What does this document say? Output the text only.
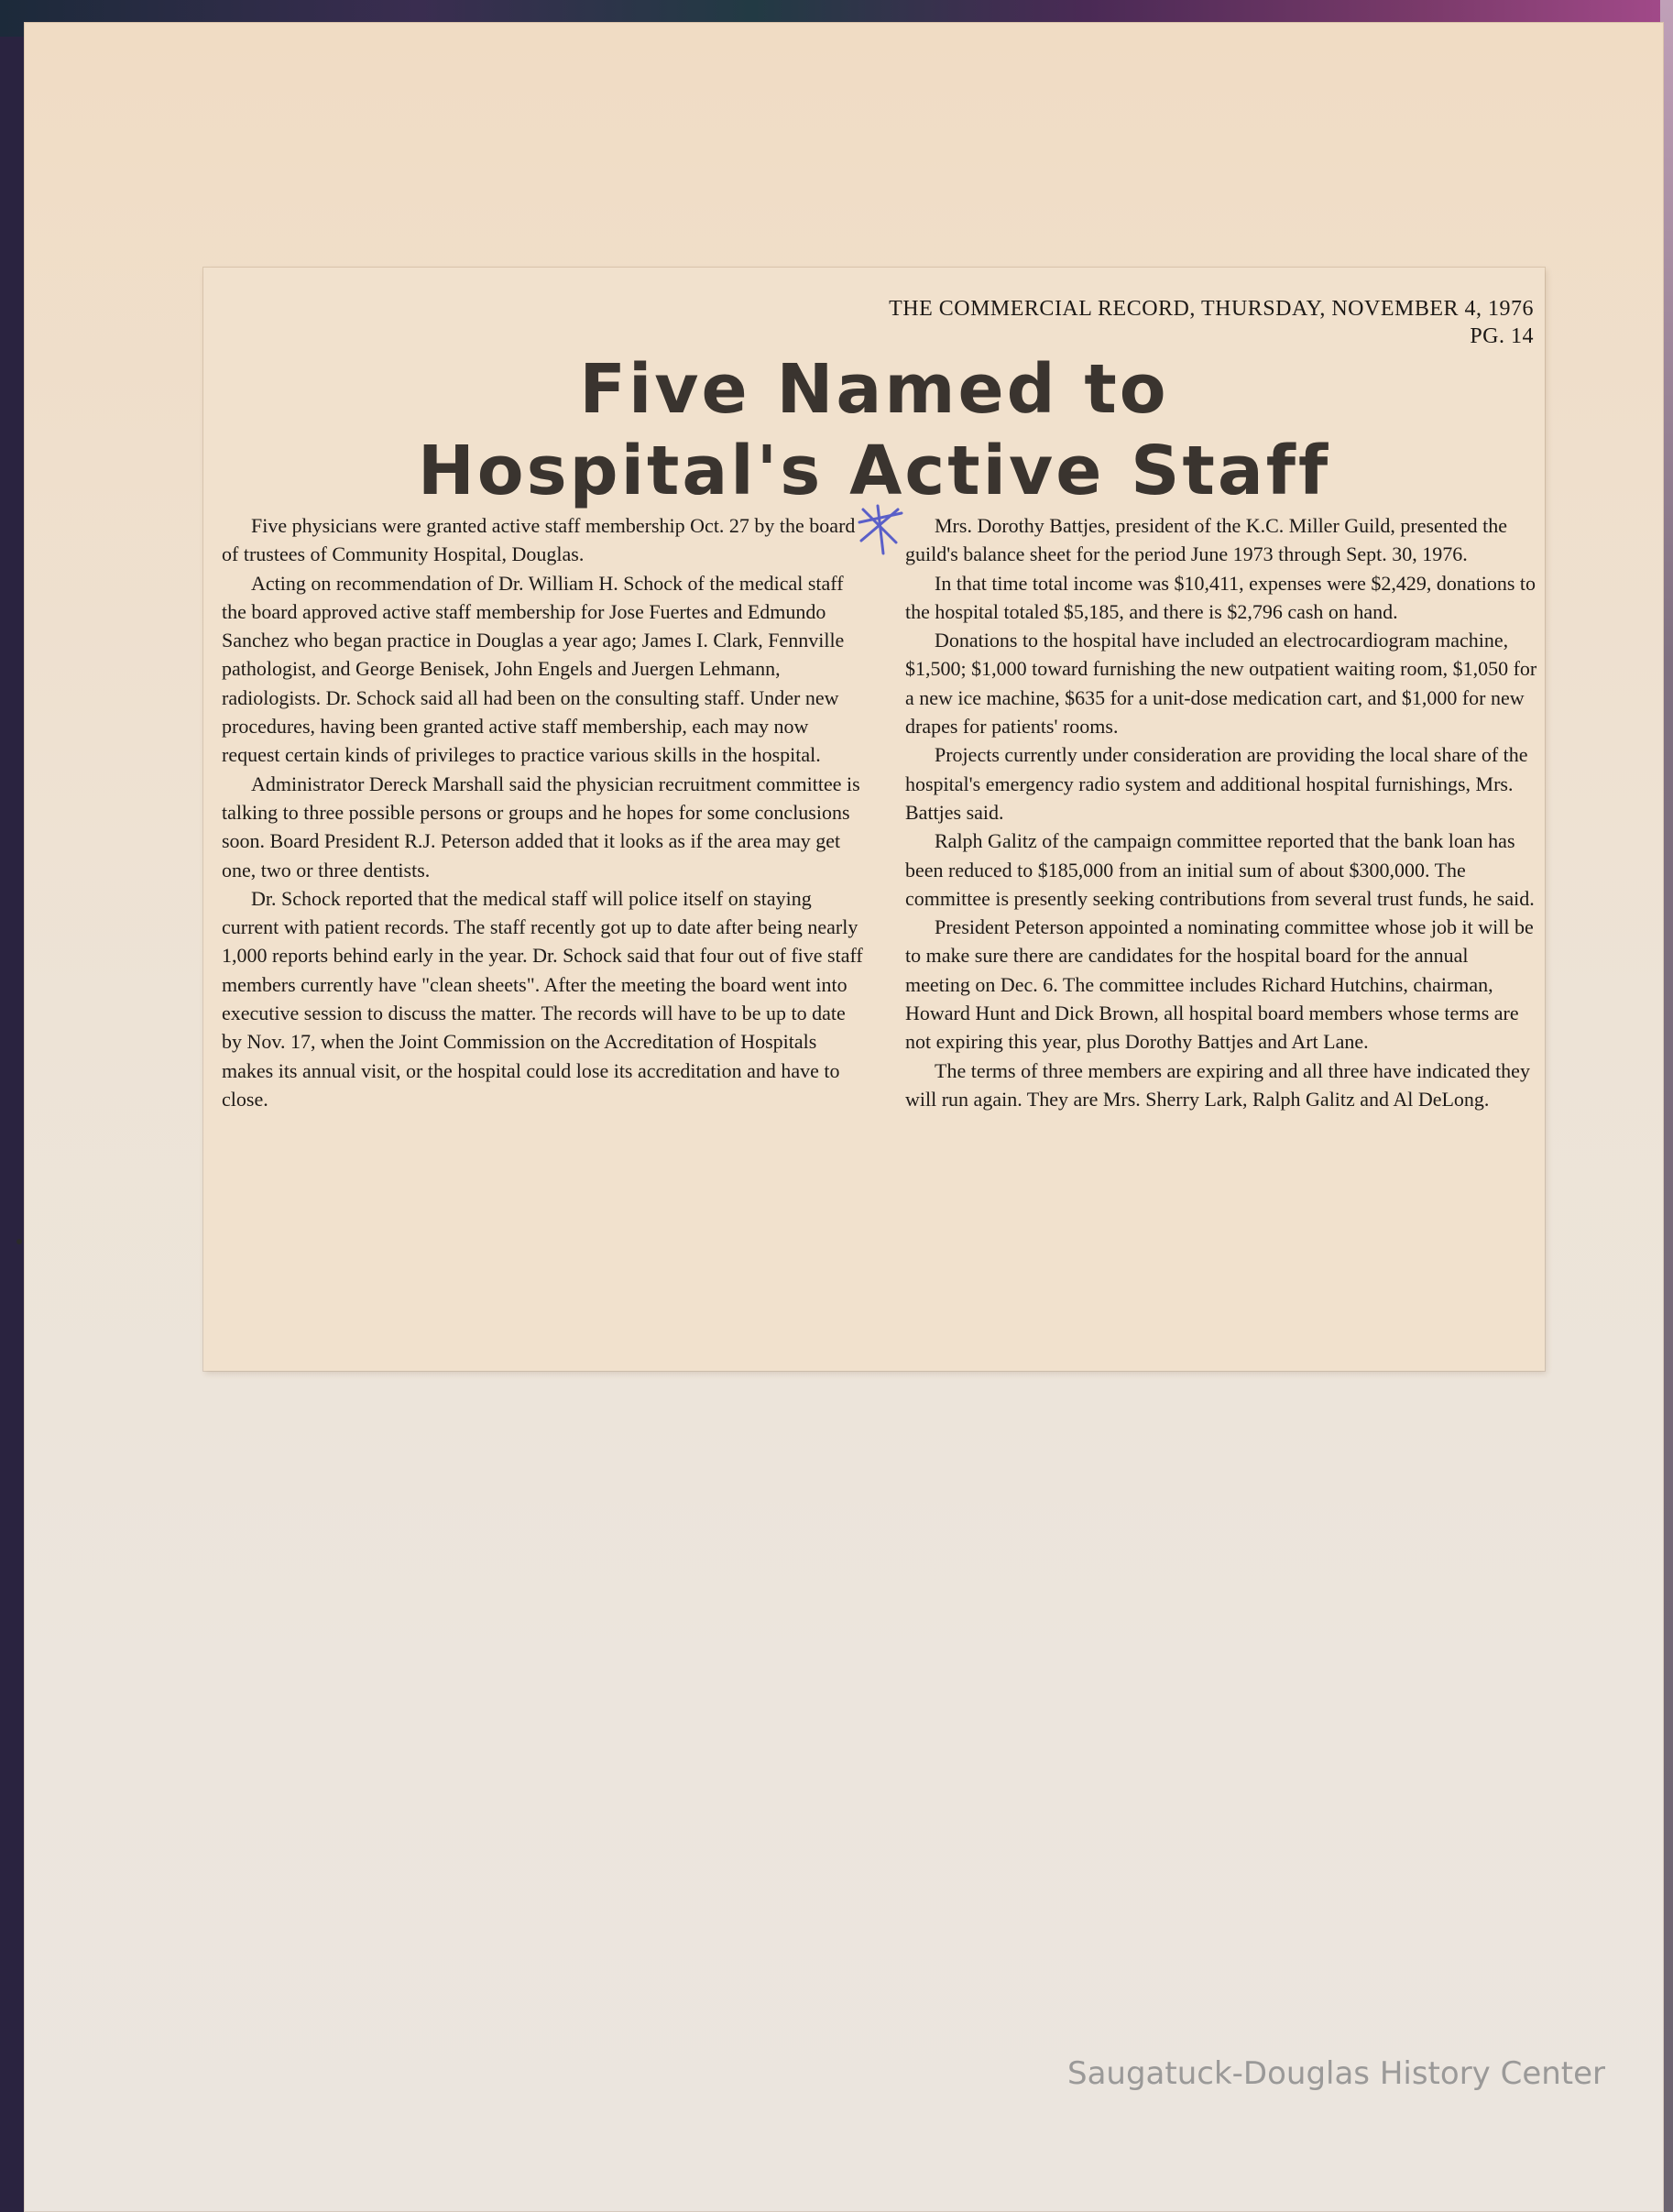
THE COMMERCIAL RECORD, THURSDAY, NOVEMBER 4, 1976
PG. 14
Five Named to
Hospital's Active Staff

Five physicians were granted active staff membership Oct. 27 by the board of trustees of Community Hospital, Douglas.

Acting on recommendation of Dr. William H. Schock of the medical staff the board approved active staff membership for Jose Fuertes and Edmundo Sanchez who began practice in Douglas a year ago; James I. Clark, Fennville pathologist, and George Benisek, John Engels and Juergen Lehmann, radiologists. Dr. Schock said all had been on the consulting staff. Under new procedures, having been granted active staff membership, each may now request certain kinds of privileges to practice various skills in the hospital.

Administrator Dereck Marshall said the physician recruitment committee is talking to three possible persons or groups and he hopes for some conclusions soon. Board President R.J. Peterson added that it looks as if the area may get one, two or three dentists.

Dr. Schock reported that the medical staff will police itself on staying current with patient records. The staff recently got up to date after being nearly 1,000 reports behind early in the year. Dr. Schock said that four out of five staff members currently have "clean sheets". After the meeting the board went into executive session to discuss the matter. The records will have to be up to date by Nov. 17, when the Joint Commission on the Accreditation of Hospitals makes its annual visit, or the hospital could lose its accreditation and have to close.

Mrs. Dorothy Battjes, president of the K.C. Miller Guild, presented the guild's balance sheet for the period June 1973 through Sept. 30, 1976.

In that time total income was $10,411, expenses were $2,429, donations to the hospital totaled $5,185, and there is $2,796 cash on hand.

Donations to the hospital have included an electrocardiogram machine, $1,500; $1,000 toward furnishing the new outpatient waiting room, $1,050 for a new ice machine, $635 for a unit-dose medication cart, and $1,000 for new drapes for patients' rooms.

Projects currently under consideration are providing the local share of the hospital's emergency radio system and additional hospital furnishings, Mrs. Battjes said.

Ralph Galitz of the campaign committee reported that the bank loan has been reduced to $185,000 from an initial sum of about $300,000. The committee is presently seeking contributions from several trust funds, he said.

President Peterson appointed a nominating committee whose job it will be to make sure there are candidates for the hospital board for the annual meeting on Dec. 6. The committee includes Richard Hutchins, chairman, Howard Hunt and Dick Brown, all hospital board members whose terms are not expiring this year, plus Dorothy Battjes and Art Lane.

The terms of three members are expiring and all three have indicated they will run again. They are Mrs. Sherry Lark, Ralph Galitz and Al DeLong.

Saugatuck-Douglas History Center
